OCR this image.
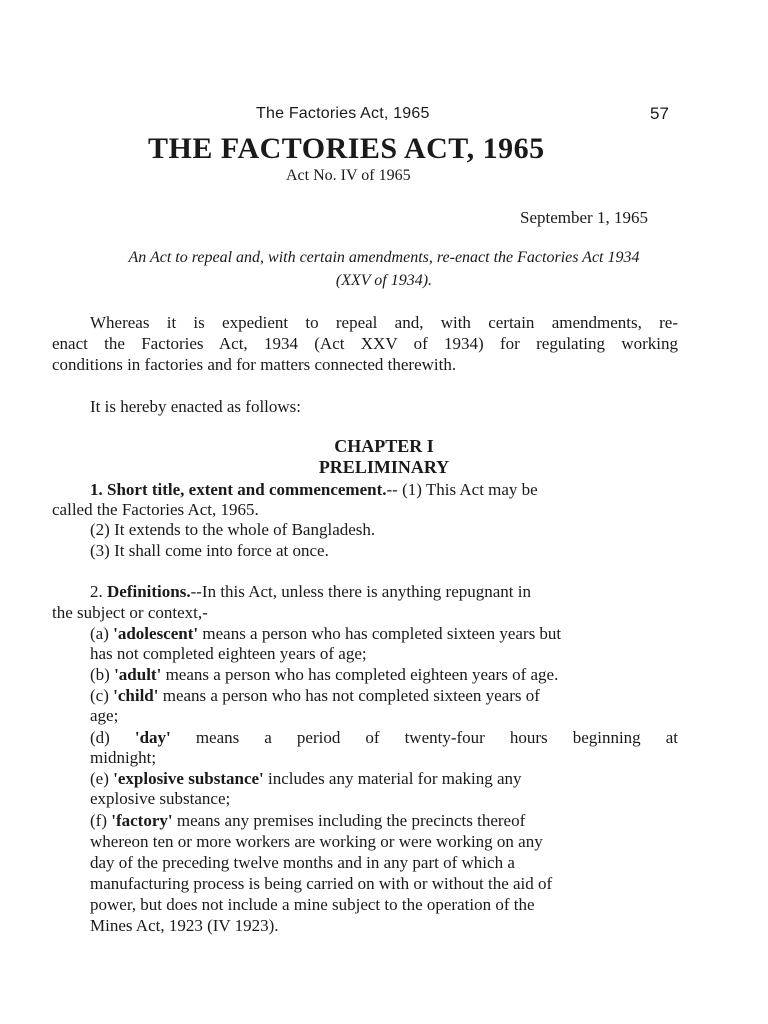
The Factories Act, 1965	57
THE FACTORIES ACT, 1965
Act No. IV of 1965
September 1, 1965
An Act to repeal and, with certain amendments, re-enact the Factories Act 1934
(XXV of 1934).
Whereas it is expedient to repeal and, with certain amendments, re-
enact the Factories Act, 1934 (Act XXV of 1934) for regulating working
conditions in factories and for matters connected therewith.
It is hereby enacted as follows:
CHAPTER I
PRELIMINARY
1. Short title, extent and commencement.-- (1) This Act may be
called the Factories Act, 1965.
(2) It extends to the whole of Bangladesh.
(3) It shall come into force at once.
2. Definitions.--In this Act, unless there is anything repugnant in
the subject or context,-
(a) 'adolescent' means a person who has completed sixteen years but
has not completed eighteen years of age;
(b) 'adult' means a person who has completed eighteen years of age.
(c) 'child' means a person who has not completed sixteen years of
age;
(d) 'day' means a period of twenty-four hours beginning at
midnight;
(e) 'explosive substance' includes any material for making any
explosive substance;
(f) 'factory' means any premises including the precincts thereof
whereon ten or more workers are working or were working on any
day of the preceding twelve months and in any part of which a
manufacturing process is being carried on with or without the aid of
power, but does not include a mine subject to the operation of the
Mines Act, 1923 (IV 1923).
